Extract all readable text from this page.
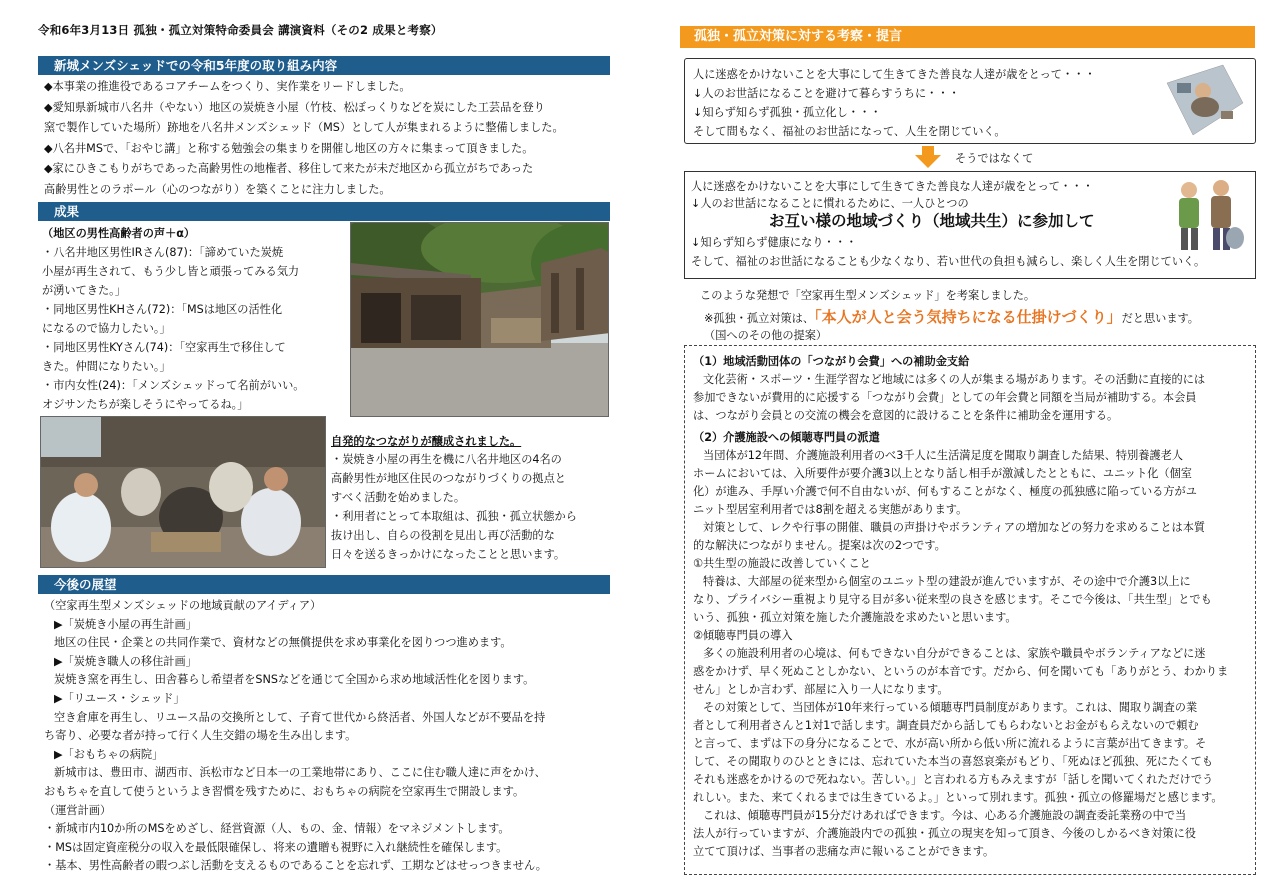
令和6年3月13日 孤独・孤立対策特命委員会 講演資料（その2 成果と考察）
新城メンズシェッドでの令和5年度の取り組み内容
◆本事業の推進役であるコアチームをつくり、実作業をリードしました。
◆愛知県新城市八名井（やない）地区の炭焼き小屋（竹枝、松ぼっくりなどを炭にした工芸品を登り
窯で製作していた場所）跡地を八名井メンズシェッド（MS）として人が集まれるように整備しました。
◆八名井MSで、「おやじ講」と称する勉強会の集まりを開催し地区の方々に集まって頂きました。
◆家にひきこもりがちであった高齢男性の地権者、移住して来たが未だ地区から孤立がちであった
高齢男性とのラポール（心のつながり）を築くことに注力しました。
成果
（地区の男性高齢者の声＋α）
・八名井地区男性IRさん(87)：「諦めていた炭焼
小屋が再生されて、もう少し皆と頑張ってみる気力
が湧いてきた。」
・同地区男性KHさん(72)：「MSは地区の活性化
になるので協力したい。」
・同地区男性KYさん(74)：「空家再生で移住して
きた。仲間になりたい。」
・市内女性(24)：「メンズシェッドって名前がいい。
オジサンたちが楽しそうにやってるね。」
自発的なつながりが醸成されました。
・炭焼き小屋の再生を機に八名井地区の4名の
高齢男性が地区住民のつながりづくりの拠点と
すべく活動を始めました。
・利用者にとって本取組は、孤独・孤立状態から
抜け出し、自らの役割を見出し再び活動的な
日々を送るきっかけになったことと思います。
今後の展望
（空家再生型メンズシェッドの地域貢献のアイディア）
▶「炭焼き小屋の再生計画」
地区の住民・企業との共同作業で、資材などの無償提供を求め事業化を図りつつ進めます。
▶「炭焼き職人の移住計画」
炭焼き窯を再生し、田舎暮らし希望者をSNSなどを通じて全国から求め地域活性化を図ります。
▶「リユース・シェッド」
空き倉庫を再生し、リユース品の交換所として、子育て世代から終活者、外国人などが不要品を持
ち寄り、必要な者が持って行く人生交錯の場を生み出します。
▶「おもちゃの病院」
新城市は、豊田市、湖西市、浜松市など日本一の工業地帯にあり、ここに住む職人達に声をかけ、
おもちゃを直して使うというよき習慣を残すために、おもちゃの病院を空家再生で開設します。
（運営計画）
・新城市内10か所のMSをめざし、経営資源（人、もの、金、情報）をマネジメントします。
・MSは固定資産税分の収入を最低限確保し、将来の遺贈も視野に入れ継続性を確保します。
・基本、男性高齢者の暇つぶし活動を支えるものであることを忘れず、工期などはせっつきません。
孤独・孤立対策に対する考察・提言
人に迷惑をかけないことを大事にして生きてきた善良な人達が歳をとって・・・
↓人のお世話になることを避けて暮らすうちに・・・
↓知らず知らず孤独・孤立化し・・・
そして間もなく、福祉のお世話になって、人生を閉じていく。
そうではなくて
人に迷惑をかけないことを大事にして生きてきた善良な人達が歳をとって・・・
↓人のお世話になることに慣れるために、一人ひとつの
お互い様の地域づくり（地域共生）に参加して
↓知らず知らず健康になり・・・
そして、福祉のお世話になることも少なくなり、若い世代の負担も減らし、楽しく人生を閉じていく。
このような発想で「空家再生型メンズシェッド」を考案しました。
※孤独・孤立対策は、「本人が人と会う気持ちになる仕掛けづくり」だと思います。
（国へのその他の提案）
（1）地域活動団体の「つながり会費」への補助金支給
文化芸術・スポーツ・生涯学習など地域には多くの人が集まる場があります。その活動に直接的には
参加できないが費用的に応援する「つながり会費」としての年会費と同額を当局が補助する。本会員
は、つながり会員との交流の機会を意図的に設けることを条件に補助金を運用する。
（2）介護施設への傾聴専門員の派遣
当団体が12年間、介護施設利用者のべ3千人に生活満足度を聞取り調査した結果、特別養護老人
ホームにおいては、入所要件が要介護3以上となり話し相手が激減したとともに、ユニット化（個室
化）が進み、手厚い介護で何不自由ないが、何もすることがなく、極度の孤独感に陥っている方がユ
ニット型居室利用者では8割を超える実態があります。
対策として、レクや行事の開催、職員の声掛けやボランティアの増加などの努力を求めることは本質
的な解決につながりません。提案は次の2つです。
①共生型の施設に改善していくこと
特養は、大部屋の従来型から個室のユニット型の建設が進んでいますが、その途中で介護3以上に
なり、プライバシー重視より見守る目が多い従来型の良さを感じます。そこで今後は、「共生型」とでも
いう、孤独・孤立対策を施した介護施設を求めたいと思います。
②傾聴専門員の導入
多くの施設利用者の心境は、何もできない自分ができることは、家族や職員やボランティアなどに迷
惑をかけず、早く死ぬことしかない、というのが本音です。だから、何を聞いても「ありがとう、わかりま
せん」としか言わず、部屋に入り一人になります。
その対策として、当団体が10年来行っている傾聴専門員制度があります。これは、聞取り調査の業
者として利用者さんと1対1で話します。調査員だから話してもらわないとお金がもらえないので頼む
と言って、まずは下の身分になることで、水が高い所から低い所に流れるように言葉が出てきます。そ
して、その聞取りのひとときには、忘れていた本当の喜怒哀楽がもどり、「死ぬほど孤独、死にたくても
それも迷惑をかけるので死ねない。苦しい。」と言われる方もみえますが「話しを聞いてくれただけでう
れしい。また、来てくれるまでは生きているよ。」といって別れます。孤独・孤立の修羅場だと感じます。
これは、傾聴専門員が15分だけあればできます。今は、心ある介護施設の調査委託業務の中で当
法人が行っていますが、介護施設内での孤独・孤立の現実を知って頂き、今後のしかるべき対策に役
立てて頂けば、当事者の悲痛な声に報いることができます。
